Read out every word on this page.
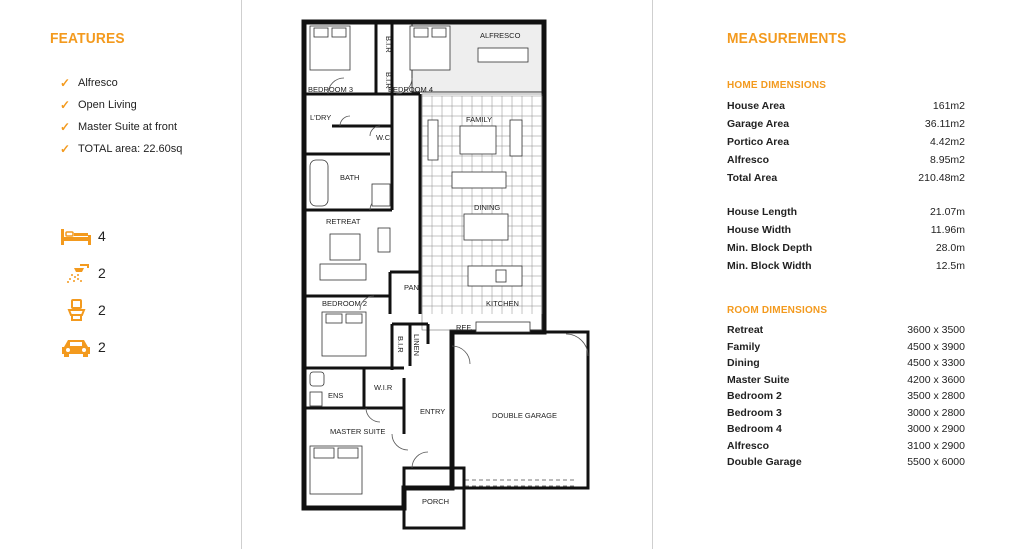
FEATURES
✓ Alfresco
✓ Open Living
✓ Master Suite at front
✓ TOTAL area: 22.60sq
4
2
2
2
ALFRESCO
B.I.R
B.I.R
BEDROOM 3	BEDROOM 4
L'DRY
W.C
FAMILY
BATH
RETREAT
DINING
PAN
KITCHEN
BEDROOM 2
REF.
B.I.R LINEN
ENS
W.I.R
ENTRY	DOUBLE GARAGE
MASTER SUITE
PORCH
MEASUREMENTS
HOME DIMENSIONS
House Area	161m2
Garage Area	36.11m2
Portico Area	4.42m2
Alfresco	8.95m2
Total Area	210.48m2
House Length	21.07m
House Width	11.96m
Min. Block Depth	28.0m
Min. Block Width	12.5m
ROOM DIMENSIONS
Retreat	3600 x 3500
Family	4500 x 3900
Dining	4500 x 3300
Master Suite	4200 x 3600
Bedroom 2	3500 x 2800
Bedroom 3	3000 x 2800
Bedroom 4	3000 x 2900
Alfresco	3100 x 2900
Double Garage	5500 x 6000
